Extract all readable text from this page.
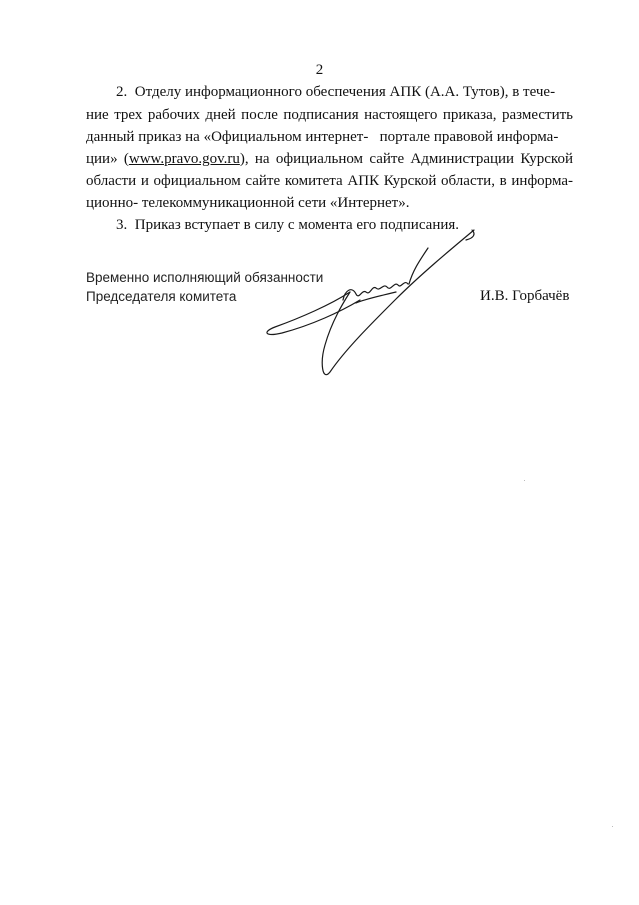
2
2. Отделу информационного обеспечения АПК (А.А. Тутов), в тече-
ние трех рабочих дней после подписания настоящего приказа, разместить
данный приказ на «Официальном интернет-   портале правовой информа-
ции» (www.pravo.gov.ru), на официальном сайте Администрации Курской
области и официальном сайте комитета АПК Курской области, в информа-
ционно- телекоммуникационной сети «Интернет».
3. Приказ вступает в силу с момента его подписания.
Временно исполняющий обязанности
Председателя комитета	И.В. Горбачёв
